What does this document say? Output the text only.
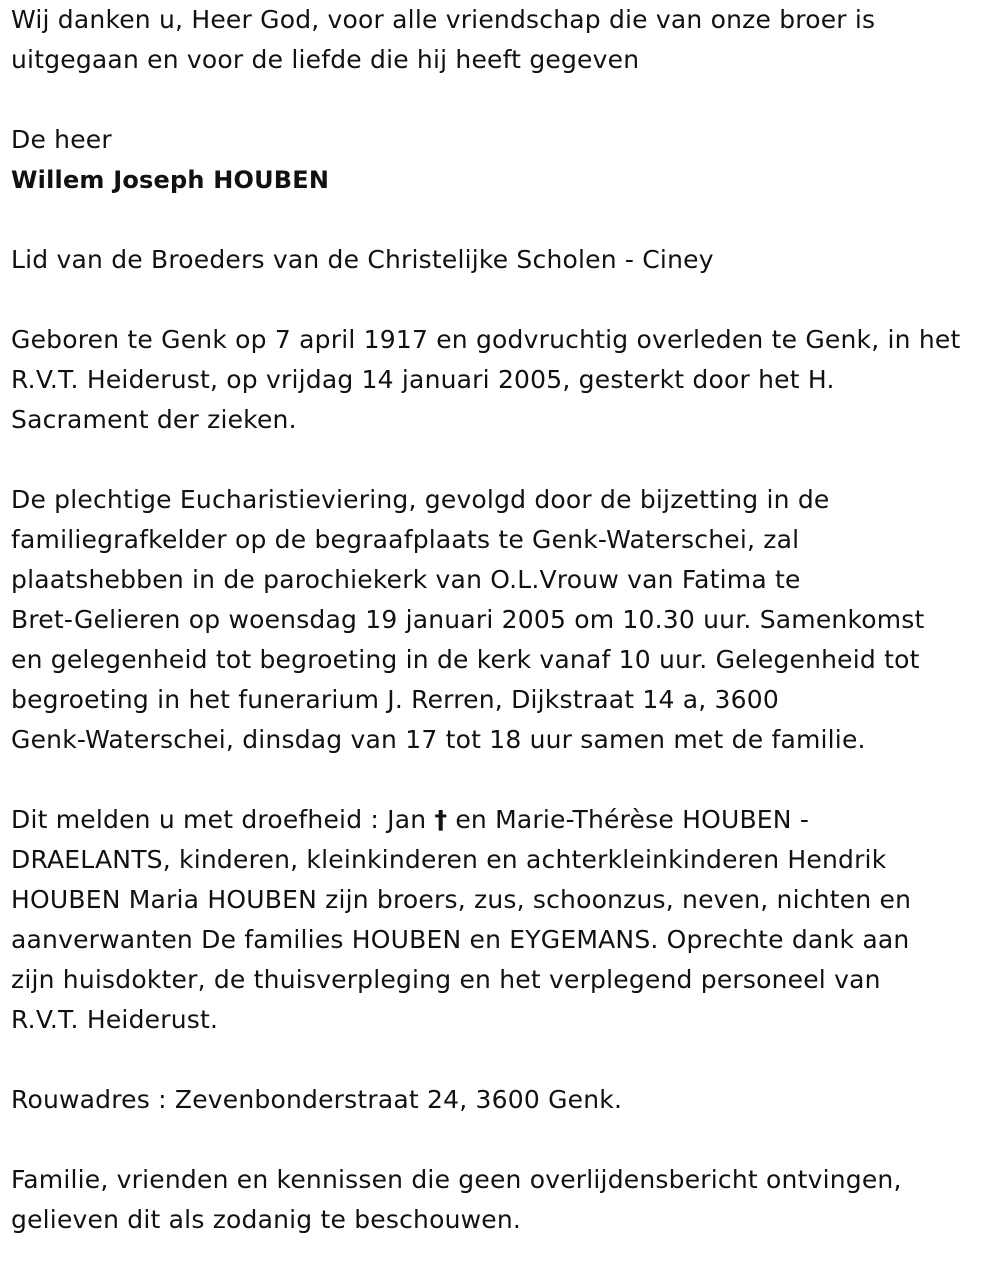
Wij danken u, Heer God, voor alle vriendschap die van onze broer is
uitgegaan en voor de liefde die hij heeft gegeven
De heer
Willem Joseph HOUBEN
Lid van de Broeders van de Christelijke Scholen - Ciney
Geboren te Genk op 7 april 1917 en godvruchtig overleden te Genk, in het
R.V.T. Heiderust, op vrijdag 14 januari 2005, gesterkt door het H.
Sacrament der zieken.
De plechtige Eucharistieviering, gevolgd door de bijzetting in de
familiegrafkelder op de begraafplaats te Genk-Waterschei, zal
plaatshebben in de parochiekerk van O.L.Vrouw van Fatima te
Bret-Gelieren op woensdag 19 januari 2005 om 10.30 uur. Samenkomst
en gelegenheid tot begroeting in de kerk vanaf 10 uur. Gelegenheid tot
begroeting in het funerarium J. Rerren, Dijkstraat 14 a, 3600
Genk-Waterschei, dinsdag van 17 tot 18 uur samen met de familie.
Dit melden u met droefheid : Jan † en Marie-Thérèse HOUBEN -
DRAELANTS, kinderen, kleinkinderen en achterkleinkinderen Hendrik
HOUBEN Maria HOUBEN zijn broers, zus, schoonzus, neven, nichten en
aanverwanten De families HOUBEN en EYGEMANS. Oprechte dank aan
zijn huisdokter, de thuisverpleging en het verplegend personeel van
R.V.T. Heiderust.
Rouwadres : Zevenbonderstraat 24, 3600 Genk.
Familie, vrienden en kennissen die geen overlijdensbericht ontvingen,
gelieven dit als zodanig te beschouwen.
